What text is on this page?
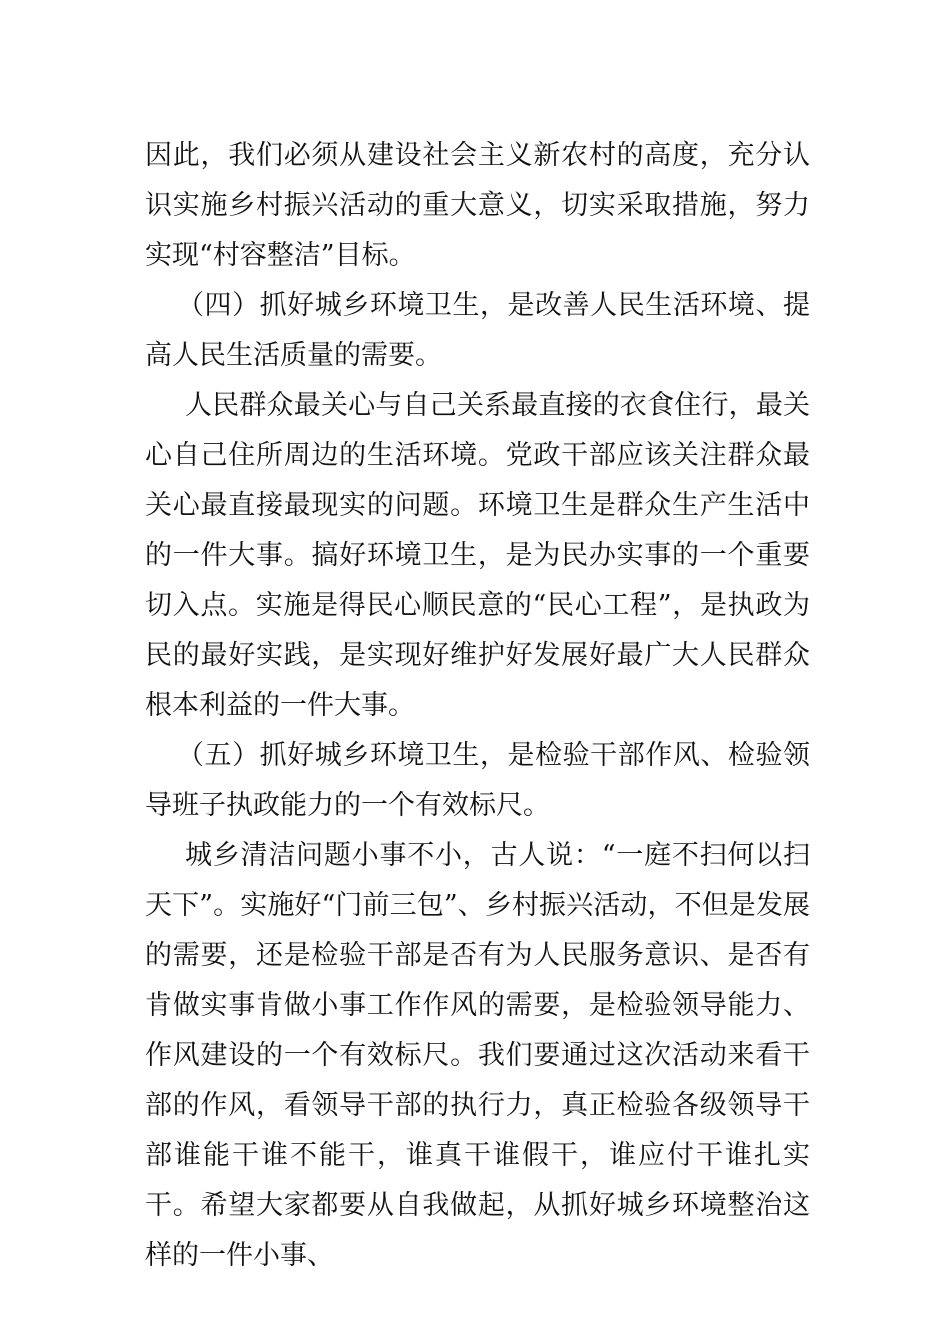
因此，我们必须从建设社会主义新农村的高度，充分认识实施乡村振兴活动的重大意义，切实采取措施，努力实现“村容整洁”目标。

（四）抓好城乡环境卫生，是改善人民生活环境、提高人民生活质量的需要。

人民群众最关心与自己关系最直接的衣食住行，最关心自己住所周边的生活环境。党政干部应该关注群众最关心最直接最现实的问题。环境卫生是群众生产生活中的一件大事。搞好环境卫生，是为民办实事的一个重要切入点。实施是得民心顺民意的“民心工程”，是执政为民的最好实践，是实现好维护好发展好最广大人民群众根本利益的一件大事。

（五）抓好城乡环境卫生，是检验干部作风、检验领导班子执政能力的一个有效标尺。

城乡清洁问题小事不小，古人说：“一庭不扫何以扫天下”。实施好“门前三包”、乡村振兴活动，不但是发展的需要，还是检验干部是否有为人民服务意识、是否有肯做实事肯做小事工作作风的需要，是检验领导能力、作风建设的一个有效标尺。我们要通过这次活动来看干部的作风，看领导干部的执行力，真正检验各级领导干部谁能干谁不能干，谁真干谁假干，谁应付干谁扎实干。希望大家都要从自我做起，从抓好城乡环境整治这样的一件小事、
